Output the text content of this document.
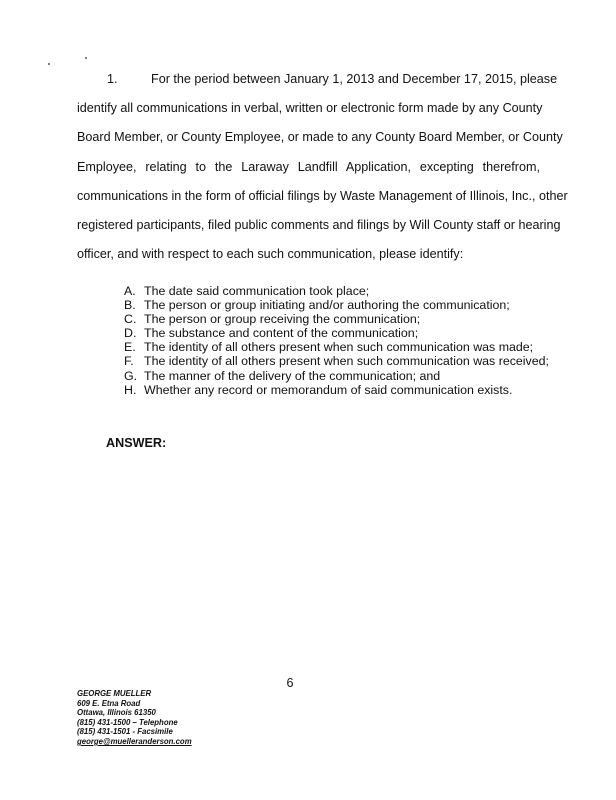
1.	For the period between January 1, 2013 and December 17, 2015, please
identify all communications in verbal, written or electronic form made by any County
Board Member, or County Employee, or made to any County Board Member, or County
Employee, relating to the Laraway Landfill Application, excepting therefrom,
communications in the form of official filings by Waste Management of Illinois, Inc., other
registered participants, filed public comments and filings by Will County staff or hearing
officer, and with respect to each such communication, please identify:
A. The date said communication took place;
B. The person or group initiating and/or authoring the communication;
C. The person or group receiving the communication;
D. The substance and content of the communication;
E. The identity of all others present when such communication was made;
F. The identity of all others present when such communication was received;
G. The manner of the delivery of the communication; and
H. Whether any record or memorandum of said communication exists.
ANSWER:
6
GEORGE MUELLER
609 E. Etna Road
Ottawa, Illinois 61350
(815) 431-1500 – Telephone
(815) 431-1501 - Facsimile
george@muelleranderson.com
